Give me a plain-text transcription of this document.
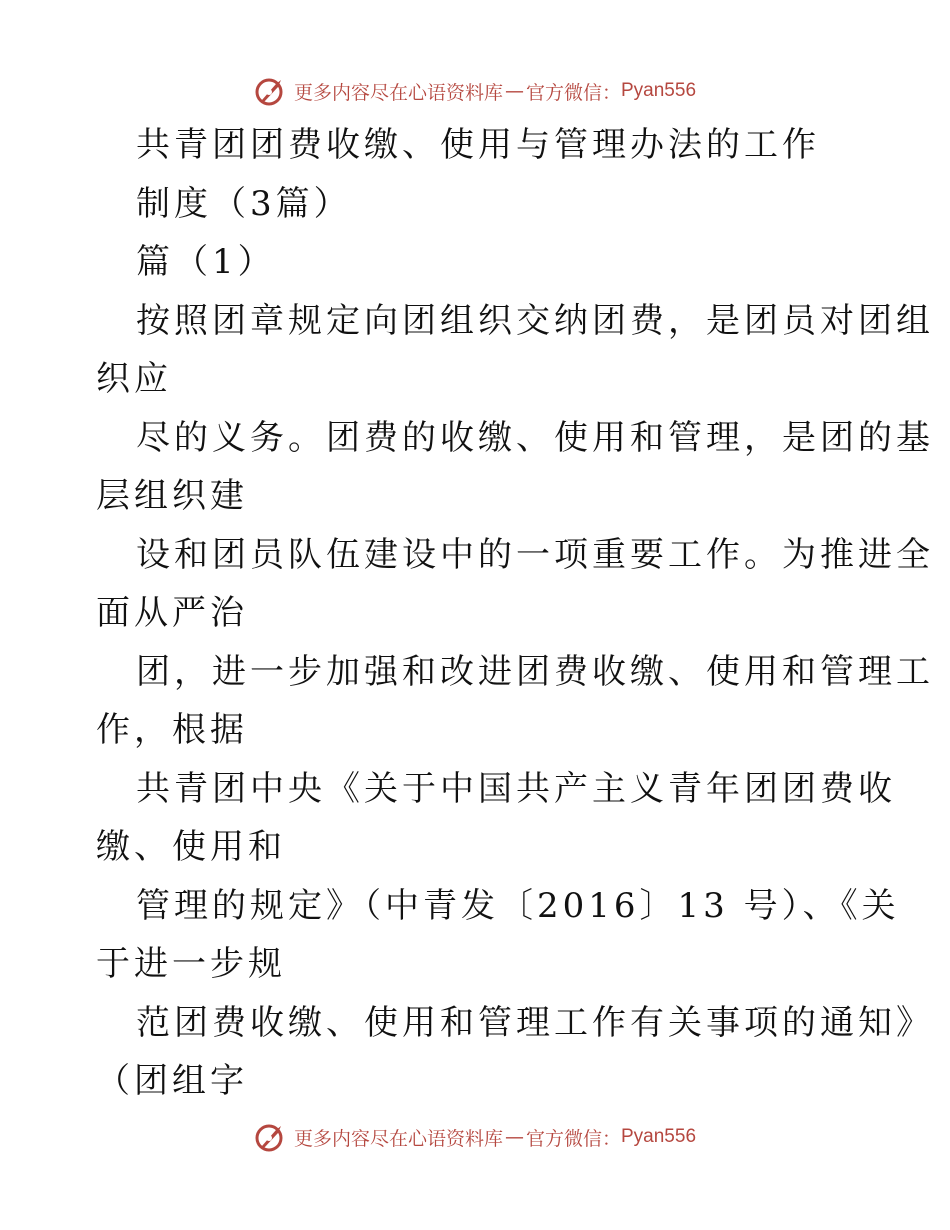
更多内容尽在心语资料库 — 官方微信： Pyan556
共青团团费收缴、使用与管理办法的工作
制度（3篇）
篇（1）
按照团章规定向团组织交纳团费，是团员对团组
织应
尽的义务。团费的收缴、使用和管理，是团的基
层组织建
设和团员队伍建设中的一项重要工作。为推进全
面从严治
团，进一步加强和改进团费收缴、使用和管理工
作，根据
共青团中央《关于中国共产主义青年团团费收
缴、使用和
管理的规定》（中青发〔2016〕13 号）、《关
于进一步规
范团费收缴、使用和管理工作有关事项的通知》
（团组字
更多内容尽在心语资料库 — 官方微信： Pyan556
